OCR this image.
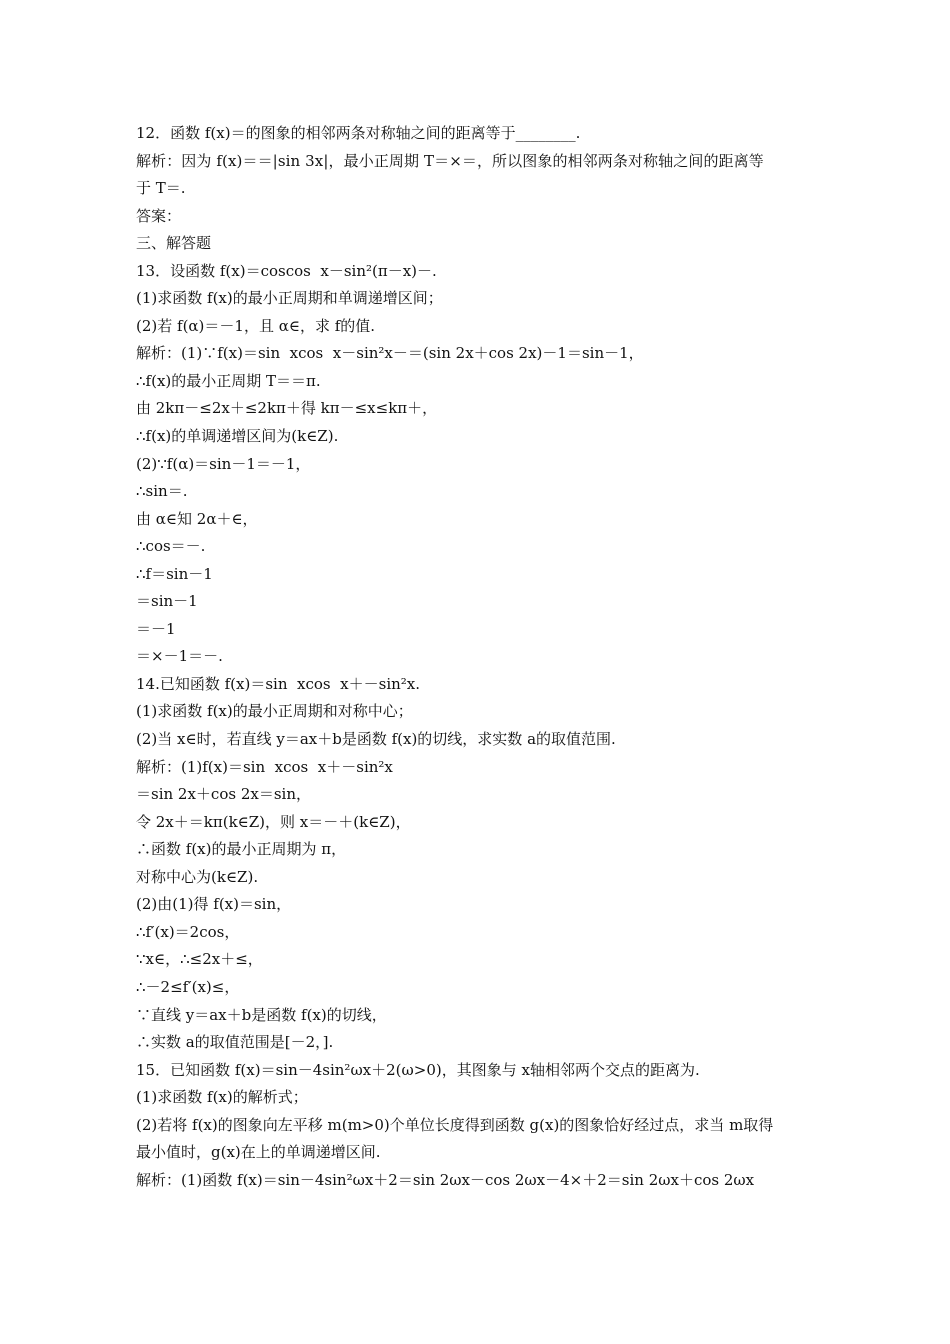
12．函数 f(x)＝的图象的相邻两条对称轴之间的距离等于________.
解析：因为 f(x)＝＝|sin 3x|，最小正周期 T＝×＝，所以图象的相邻两条对称轴之间的距离等
于 T＝.
答案：
三、解答题
13．设函数 f(x)＝coscos  x－sin²(π－x)－.
(1)求函数 f(x)的最小正周期和单调递增区间；
(2)若 f(α)＝－1，且 α∈，求 f的值.
解析：(1)∵f(x)＝sin  xcos  x－sin²x－＝(sin 2x＋cos 2x)－1＝sin－1，
∴f(x)的最小正周期 T＝＝π.
由 2kπ－≤2x＋≤2kπ＋得 kπ－≤x≤kπ＋，
∴f(x)的单调递增区间为(k∈Z).
(2)∵f(α)＝sin－1＝－1，
∴sin＝.
由 α∈知 2α＋∈，
∴cos＝－.
∴f＝sin－1
＝sin－1
＝－1
＝×－1＝－.
14.已知函数 f(x)＝sin  xcos  x＋－sin²x.
(1)求函数 f(x)的最小正周期和对称中心；
(2)当 x∈时，若直线 y＝ax＋b是函数 f(x)的切线，求实数 a的取值范围.
解析：(1)f(x)＝sin  xcos  x＋－sin²x
＝sin 2x＋cos 2x＝sin，
令 2x＋＝kπ(k∈Z)，则 x＝－＋(k∈Z)，
∴函数 f(x)的最小正周期为 π，
对称中心为(k∈Z).
(2)由(1)得 f(x)＝sin，
∴f′(x)＝2cos，
∵x∈，∴≤2x＋≤，
∴－2≤f′(x)≤，
∵直线 y＝ax＋b是函数 f(x)的切线，
∴实数 a的取值范围是[－2，].
15．已知函数 f(x)＝sin－4sin²ωx＋2(ω>0)，其图象与 x轴相邻两个交点的距离为.
(1)求函数 f(x)的解析式；
(2)若将 f(x)的图象向左平移 m(m>0)个单位长度得到函数 g(x)的图象恰好经过点，求当 m取得
最小值时，g(x)在上的单调递增区间.
解析：(1)函数 f(x)＝sin－4sin²ωx＋2＝sin 2ωx－cos 2ωx－4×＋2＝sin 2ωx＋cos 2ωx
